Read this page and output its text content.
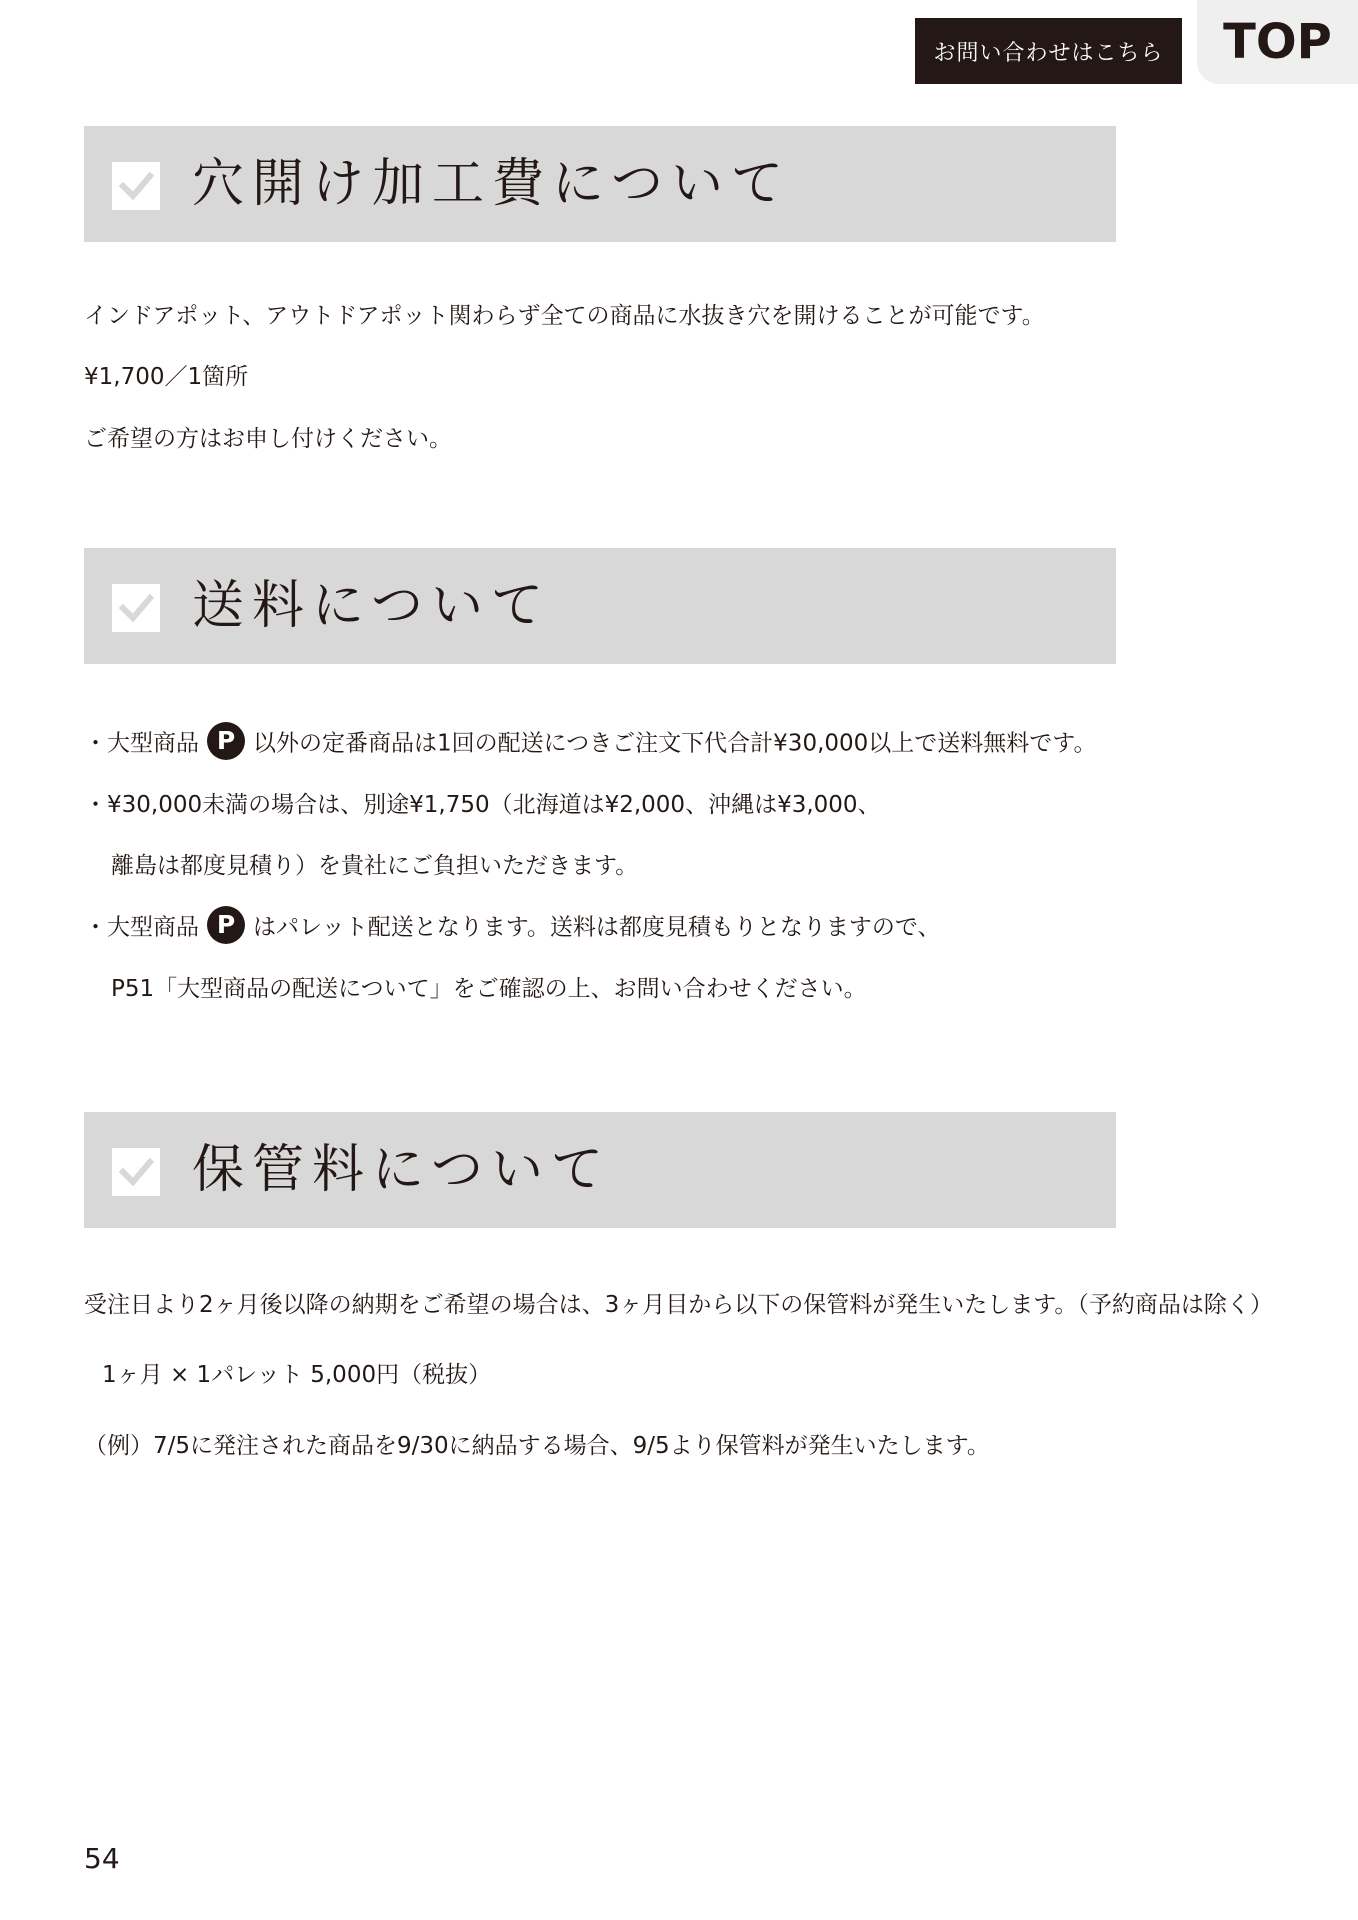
お問い合わせはこちら	TOP
穴開け加工費について
インドアポット、アウトドアポット関わらず全ての商品に水抜き穴を開けることが可能です。
¥1,700／1箇所
ご希望の方はお申し付けください。
送料について
・大型商品 P 以外の定番商品は1回の配送につきご注文下代合計¥30,000以上で送料無料です。
・¥30,000未満の場合は、別途¥1,750（北海道は¥2,000、沖縄は¥3,000、
離島は都度見積り）を貴社にご負担いただきます。
・大型商品 P はパレット配送となります。送料は都度見積もりとなりますので、
P51「大型商品の配送について」をご確認の上、お問い合わせください。
保管料について
受注日より2ヶ月後以降の納期をご希望の場合は、3ヶ月目から以下の保管料が発生いたします。（予約商品は除く）
1ヶ月 × 1パレット 5,000円（税抜）
（例）7/5に発注された商品を9/30に納品する場合、9/5より保管料が発生いたします。
54
